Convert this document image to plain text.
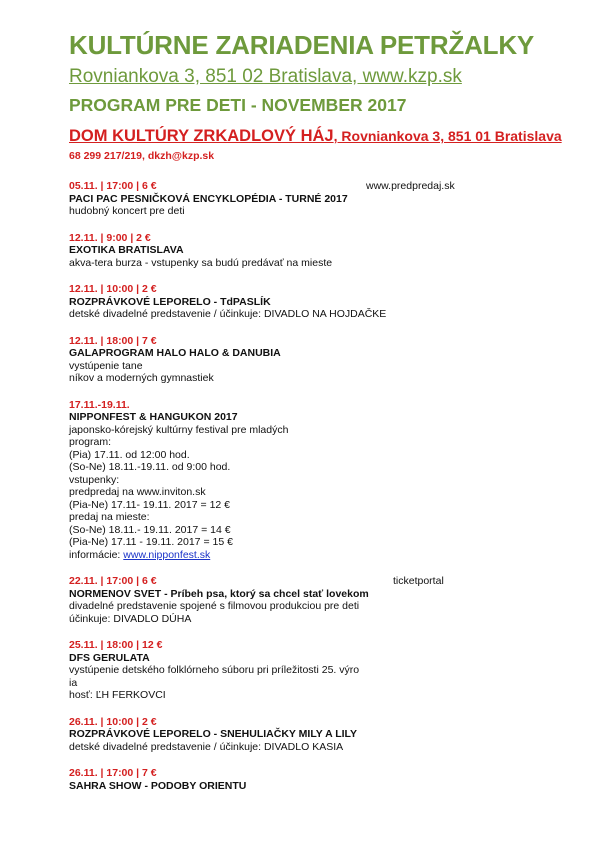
KULTÚRNE ZARIADENIA PETRŽALKY
Rovniankova 3, 851 02 Bratislava, www.kzp.sk
PROGRAM PRE DETI - NOVEMBER 2017
DOM KULTÚRY ZRKADLOVÝ HÁJ, Rovniankova 3, 851 01 Bratislava
68 299 217/219, dkzh@kzp.sk
05.11. | 17:00 | 6 €	www.predpredaj.sk
PACI PAC PESNIČKOVÁ ENCYKLOPÉDIA - TURNÉ 2017
hudobný koncert pre deti
12.11. | 9:00 | 2 €
EXOTIKA BRATISLAVA
akva-tera burza - vstupenky sa budú predávať na mieste
12.11. | 10:00 | 2 €
ROZPRÁVKOVÉ LEPORELO - TdPASLÍK
detské divadelné predstavenie / účinkuje: DIVADLO NA HOJDAČKE
12.11. | 18:00 | 7 €
GALAPROGRAM HALO HALO & DANUBIA
vystúpenie tane
níkov a moderných gymnastiek
17.11.-19.11.
NIPPONFEST & HANGUKON 2017
japonsko-kórejský kultúrny festival pre mladých
program:
(Pia) 17.11. od 12:00 hod.
(So-Ne) 18.11.-19.11. od 9:00 hod.
vstupenky:
predpredaj na www.inviton.sk
(Pia-Ne) 17.11- 19.11. 2017 = 12 €
predaj na mieste:
(So-Ne) 18.11.- 19.11. 2017 = 14 €
(Pia-Ne) 17.11 - 19.11. 2017 = 15 €
informácie: www.nipponfest.sk
22.11. | 17:00 | 6 €	ticketportal
NORMENOV SVET - Príbeh psa, ktorý sa chcel stať lovekom
divadelné predstavenie spojené s filmovou produkciou pre deti
účinkuje: DIVADLO DÚHA
25.11. | 18:00 | 12 €
DFS GERULATA
vystúpenie detského folklórneho súboru pri príležitosti 25. výro
ia
hosť: ĽH FERKOVCI
26.11. | 10:00 | 2 €
ROZPRÁVKOVÉ LEPORELO - SNEHULIAČKY MILY A LILY
detské divadelné predstavenie / účinkuje: DIVADLO KASIA
26.11. | 17:00 | 7 €
SAHRA SHOW - PODOBY ORIENTU
